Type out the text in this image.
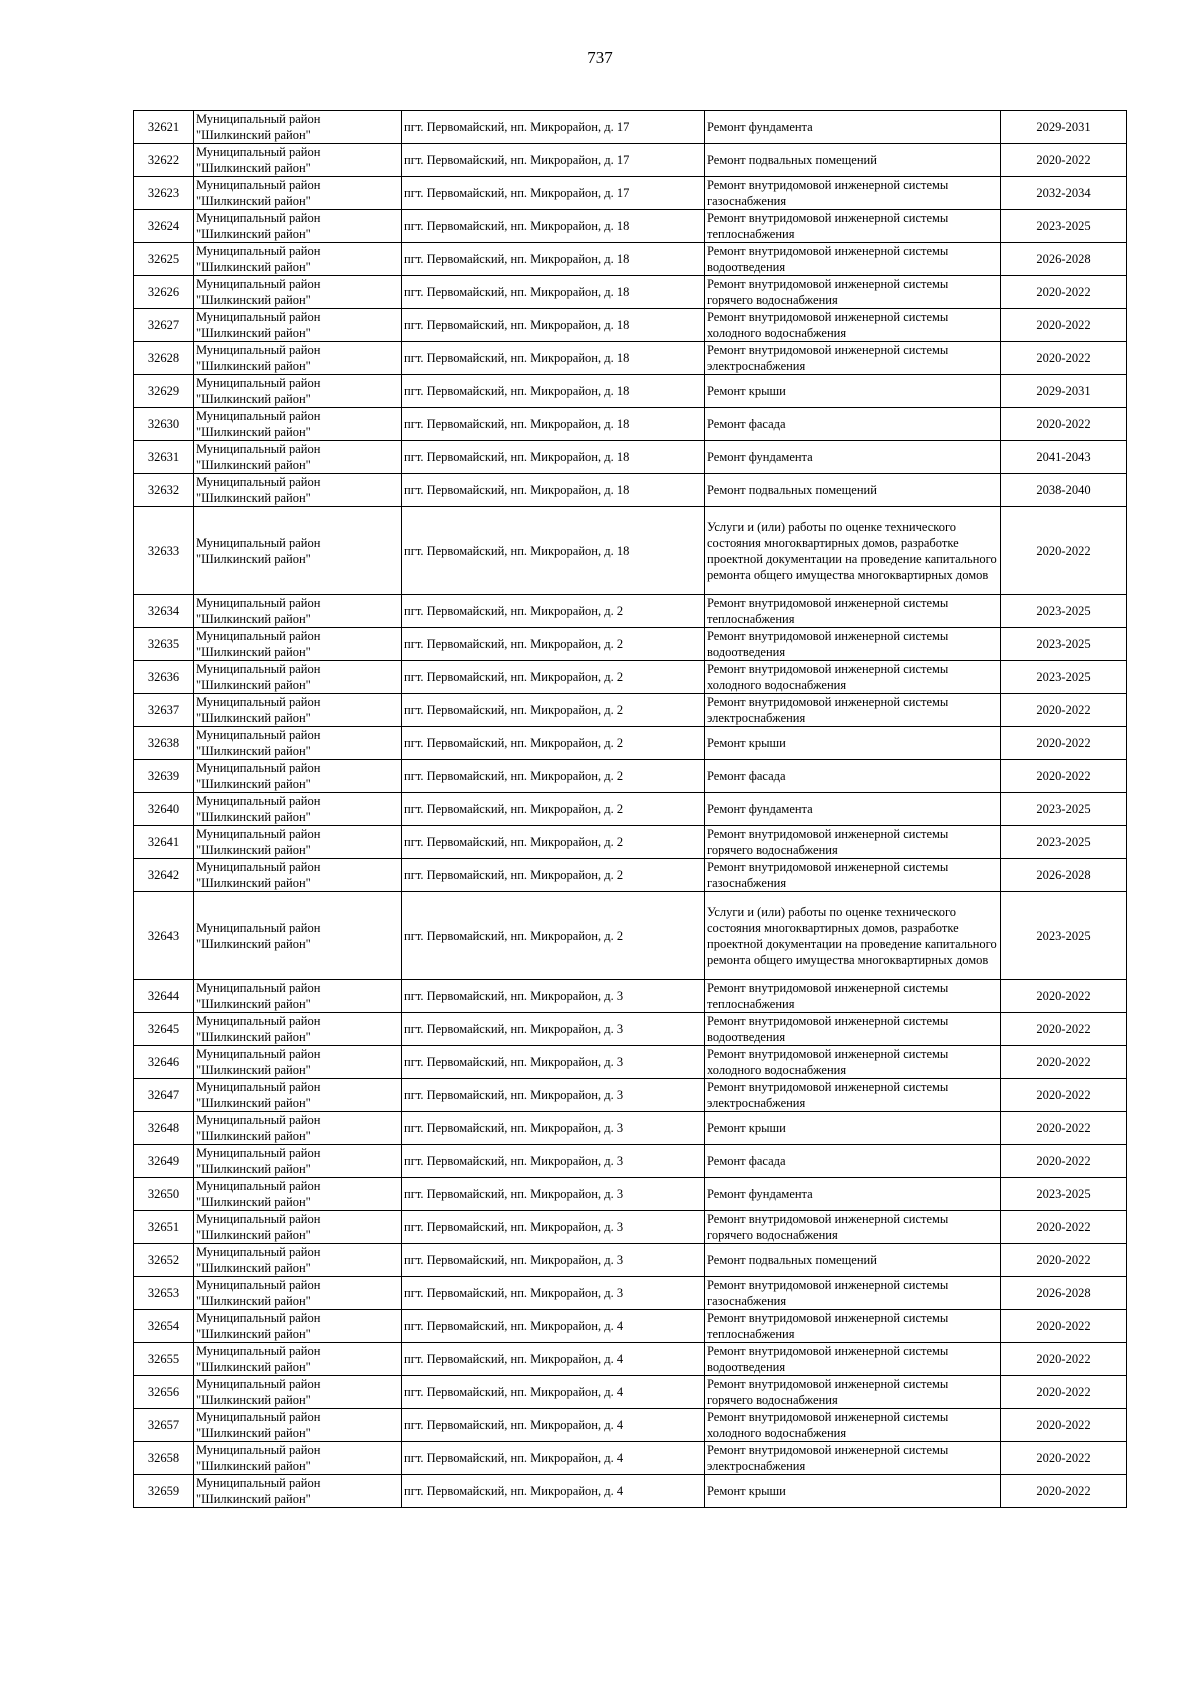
737
32621	Муниципальный район
"Шилкинский район"	пгт. Первомайский, нп. Микрорайон, д. 17	Ремонт фундамента	2029-2031

32622	Муниципальный район
"Шилкинский район"	пгт. Первомайский, нп. Микрорайон, д. 17	Ремонт подвальных помещений	2020-2022

32623	Муниципальный район
"Шилкинский район"	пгт. Первомайский, нп. Микрорайон, д. 17	Ремонт внутридомовой инженерной системы
газоснабжения	2032-2034

32624	Муниципальный район
"Шилкинский район"	пгт. Первомайский, нп. Микрорайон, д. 18	Ремонт внутридомовой инженерной системы
теплоснабжения	2023-2025

32625	Муниципальный район
"Шилкинский район"	пгт. Первомайский, нп. Микрорайон, д. 18	Ремонт внутридомовой инженерной системы
водоотведения	2026-2028

32626	Муниципальный район
"Шилкинский район"	пгт. Первомайский, нп. Микрорайон, д. 18	Ремонт внутридомовой инженерной системы
горячего водоснабжения	2020-2022

32627	Муниципальный район
"Шилкинский район"	пгт. Первомайский, нп. Микрорайон, д. 18	Ремонт внутридомовой инженерной системы
холодного водоснабжения	2020-2022

32628	Муниципальный район
"Шилкинский район"	пгт. Первомайский, нп. Микрорайон, д. 18	Ремонт внутридомовой инженерной системы
электроснабжения	2020-2022

32629	Муниципальный район
"Шилкинский район"	пгт. Первомайский, нп. Микрорайон, д. 18	Ремонт крыши	2029-2031

32630	Муниципальный район
"Шилкинский район"	пгт. Первомайский, нп. Микрорайон, д. 18	Ремонт фасада	2020-2022

32631	Муниципальный район
"Шилкинский район"	пгт. Первомайский, нп. Микрорайон, д. 18	Ремонт фундамента	2041-2043

32632	Муниципальный район
"Шилкинский район"	пгт. Первомайский, нп. Микрорайон, д. 18	Ремонт подвальных помещений	2038-2040

32633	Муниципальный район
"Шилкинский район"	пгт. Первомайский, нп. Микрорайон, д. 18	Услуги и (или) работы по оценке технического состояния многоквартирных домов, разработке проектной документации на проведение капитального ремонта общего имущества многоквартирных домов	2020-2022

32634	Муниципальный район
"Шилкинский район"	пгт. Первомайский, нп. Микрорайон, д. 2	Ремонт внутридомовой инженерной системы
теплоснабжения	2023-2025

32635	Муниципальный район
"Шилкинский район"	пгт. Первомайский, нп. Микрорайон, д. 2	Ремонт внутридомовой инженерной системы
водоотведения	2023-2025

32636	Муниципальный район
"Шилкинский район"	пгт. Первомайский, нп. Микрорайон, д. 2	Ремонт внутридомовой инженерной системы
холодного водоснабжения	2023-2025

32637	Муниципальный район
"Шилкинский район"	пгт. Первомайский, нп. Микрорайон, д. 2	Ремонт внутридомовой инженерной системы
электроснабжения	2020-2022

32638	Муниципальный район
"Шилкинский район"	пгт. Первомайский, нп. Микрорайон, д. 2	Ремонт крыши	2020-2022

32639	Муниципальный район
"Шилкинский район"	пгт. Первомайский, нп. Микрорайон, д. 2	Ремонт фасада	2020-2022

32640	Муниципальный район
"Шилкинский район"	пгт. Первомайский, нп. Микрорайон, д. 2	Ремонт фундамента	2023-2025

32641	Муниципальный район
"Шилкинский район"	пгт. Первомайский, нп. Микрорайон, д. 2	Ремонт внутридомовой инженерной системы
горячего водоснабжения	2023-2025

32642	Муниципальный район
"Шилкинский район"	пгт. Первомайский, нп. Микрорайон, д. 2	Ремонт внутридомовой инженерной системы
газоснабжения	2026-2028

32643	Муниципальный район
"Шилкинский район"	пгт. Первомайский, нп. Микрорайон, д. 2	Услуги и (или) работы по оценке технического состояния многоквартирных домов, разработке проектной документации на проведение капитального ремонта общего имущества многоквартирных домов	2023-2025

32644	Муниципальный район
"Шилкинский район"	пгт. Первомайский, нп. Микрорайон, д. 3	Ремонт внутридомовой инженерной системы
теплоснабжения	2020-2022

32645	Муниципальный район
"Шилкинский район"	пгт. Первомайский, нп. Микрорайон, д. 3	Ремонт внутридомовой инженерной системы
водоотведения	2020-2022

32646	Муниципальный район
"Шилкинский район"	пгт. Первомайский, нп. Микрорайон, д. 3	Ремонт внутридомовой инженерной системы
холодного водоснабжения	2020-2022

32647	Муниципальный район
"Шилкинский район"	пгт. Первомайский, нп. Микрорайон, д. 3	Ремонт внутридомовой инженерной системы
электроснабжения	2020-2022

32648	Муниципальный район
"Шилкинский район"	пгт. Первомайский, нп. Микрорайон, д. 3	Ремонт крыши	2020-2022

32649	Муниципальный район
"Шилкинский район"	пгт. Первомайский, нп. Микрорайон, д. 3	Ремонт фасада	2020-2022

32650	Муниципальный район
"Шилкинский район"	пгт. Первомайский, нп. Микрорайон, д. 3	Ремонт фундамента	2023-2025

32651	Муниципальный район
"Шилкинский район"	пгт. Первомайский, нп. Микрорайон, д. 3	Ремонт внутридомовой инженерной системы
горячего водоснабжения	2020-2022

32652	Муниципальный район
"Шилкинский район"	пгт. Первомайский, нп. Микрорайон, д. 3	Ремонт подвальных помещений	2020-2022

32653	Муниципальный район
"Шилкинский район"	пгт. Первомайский, нп. Микрорайон, д. 3	Ремонт внутридомовой инженерной системы
газоснабжения	2026-2028

32654	Муниципальный район
"Шилкинский район"	пгт. Первомайский, нп. Микрорайон, д. 4	Ремонт внутридомовой инженерной системы
теплоснабжения	2020-2022

32655	Муниципальный район
"Шилкинский район"	пгт. Первомайский, нп. Микрорайон, д. 4	Ремонт внутридомовой инженерной системы
водоотведения	2020-2022

32656	Муниципальный район
"Шилкинский район"	пгт. Первомайский, нп. Микрорайон, д. 4	Ремонт внутридомовой инженерной системы
горячего водоснабжения	2020-2022

32657	Муниципальный район
"Шилкинский район"	пгт. Первомайский, нп. Микрорайон, д. 4	Ремонт внутридомовой инженерной системы
холодного водоснабжения	2020-2022

32658	Муниципальный район
"Шилкинский район"	пгт. Первомайский, нп. Микрорайон, д. 4	Ремонт внутридомовой инженерной системы
электроснабжения	2020-2022

32659	Муниципальный район
"Шилкинский район"	пгт. Первомайский, нп. Микрорайон, д. 4	Ремонт крыши	2020-2022
